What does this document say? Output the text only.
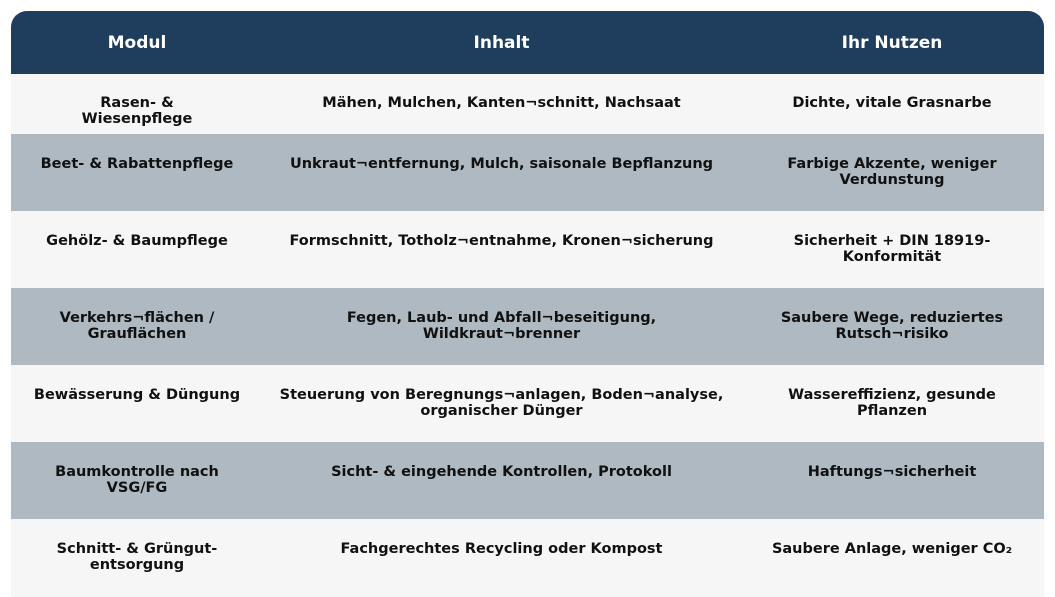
Modul	Inhalt	Ihr Nutzen
Rasen- & Wiesenpflege	Mähen, Mulchen, Kanten¬schnitt, Nachsaat	Dichte, vitale Grasnarbe
Beet- & Rabattenpflege	Unkraut¬entfernung, Mulch, saisonale Bepflanzung	Farbige Akzente, weniger Verdunstung
Gehölz- & Baumpflege	Formschnitt, Totholz¬entnahme, Kronen¬sicherung	Sicherheit + DIN 18919-Konformität
Verkehrs¬flächen / Grauflächen	Fegen, Laub- und Abfall¬beseitigung, Wildkraut¬brenner	Saubere Wege, reduziertes Rutsch¬risiko
Bewässerung & Düngung	Steuerung von Beregnungs¬anlagen, Boden¬analyse, organischer Dünger	Wassereffizienz, gesunde Pflanzen
Baumkontrolle nach VSG/FG	Sicht- & eingehende Kontrollen, Protokoll	Haftungs¬sicherheit
Schnitt- & Grüngut-entsorgung	Fachgerechtes Recycling oder Kompost	Saubere Anlage, weniger CO₂
